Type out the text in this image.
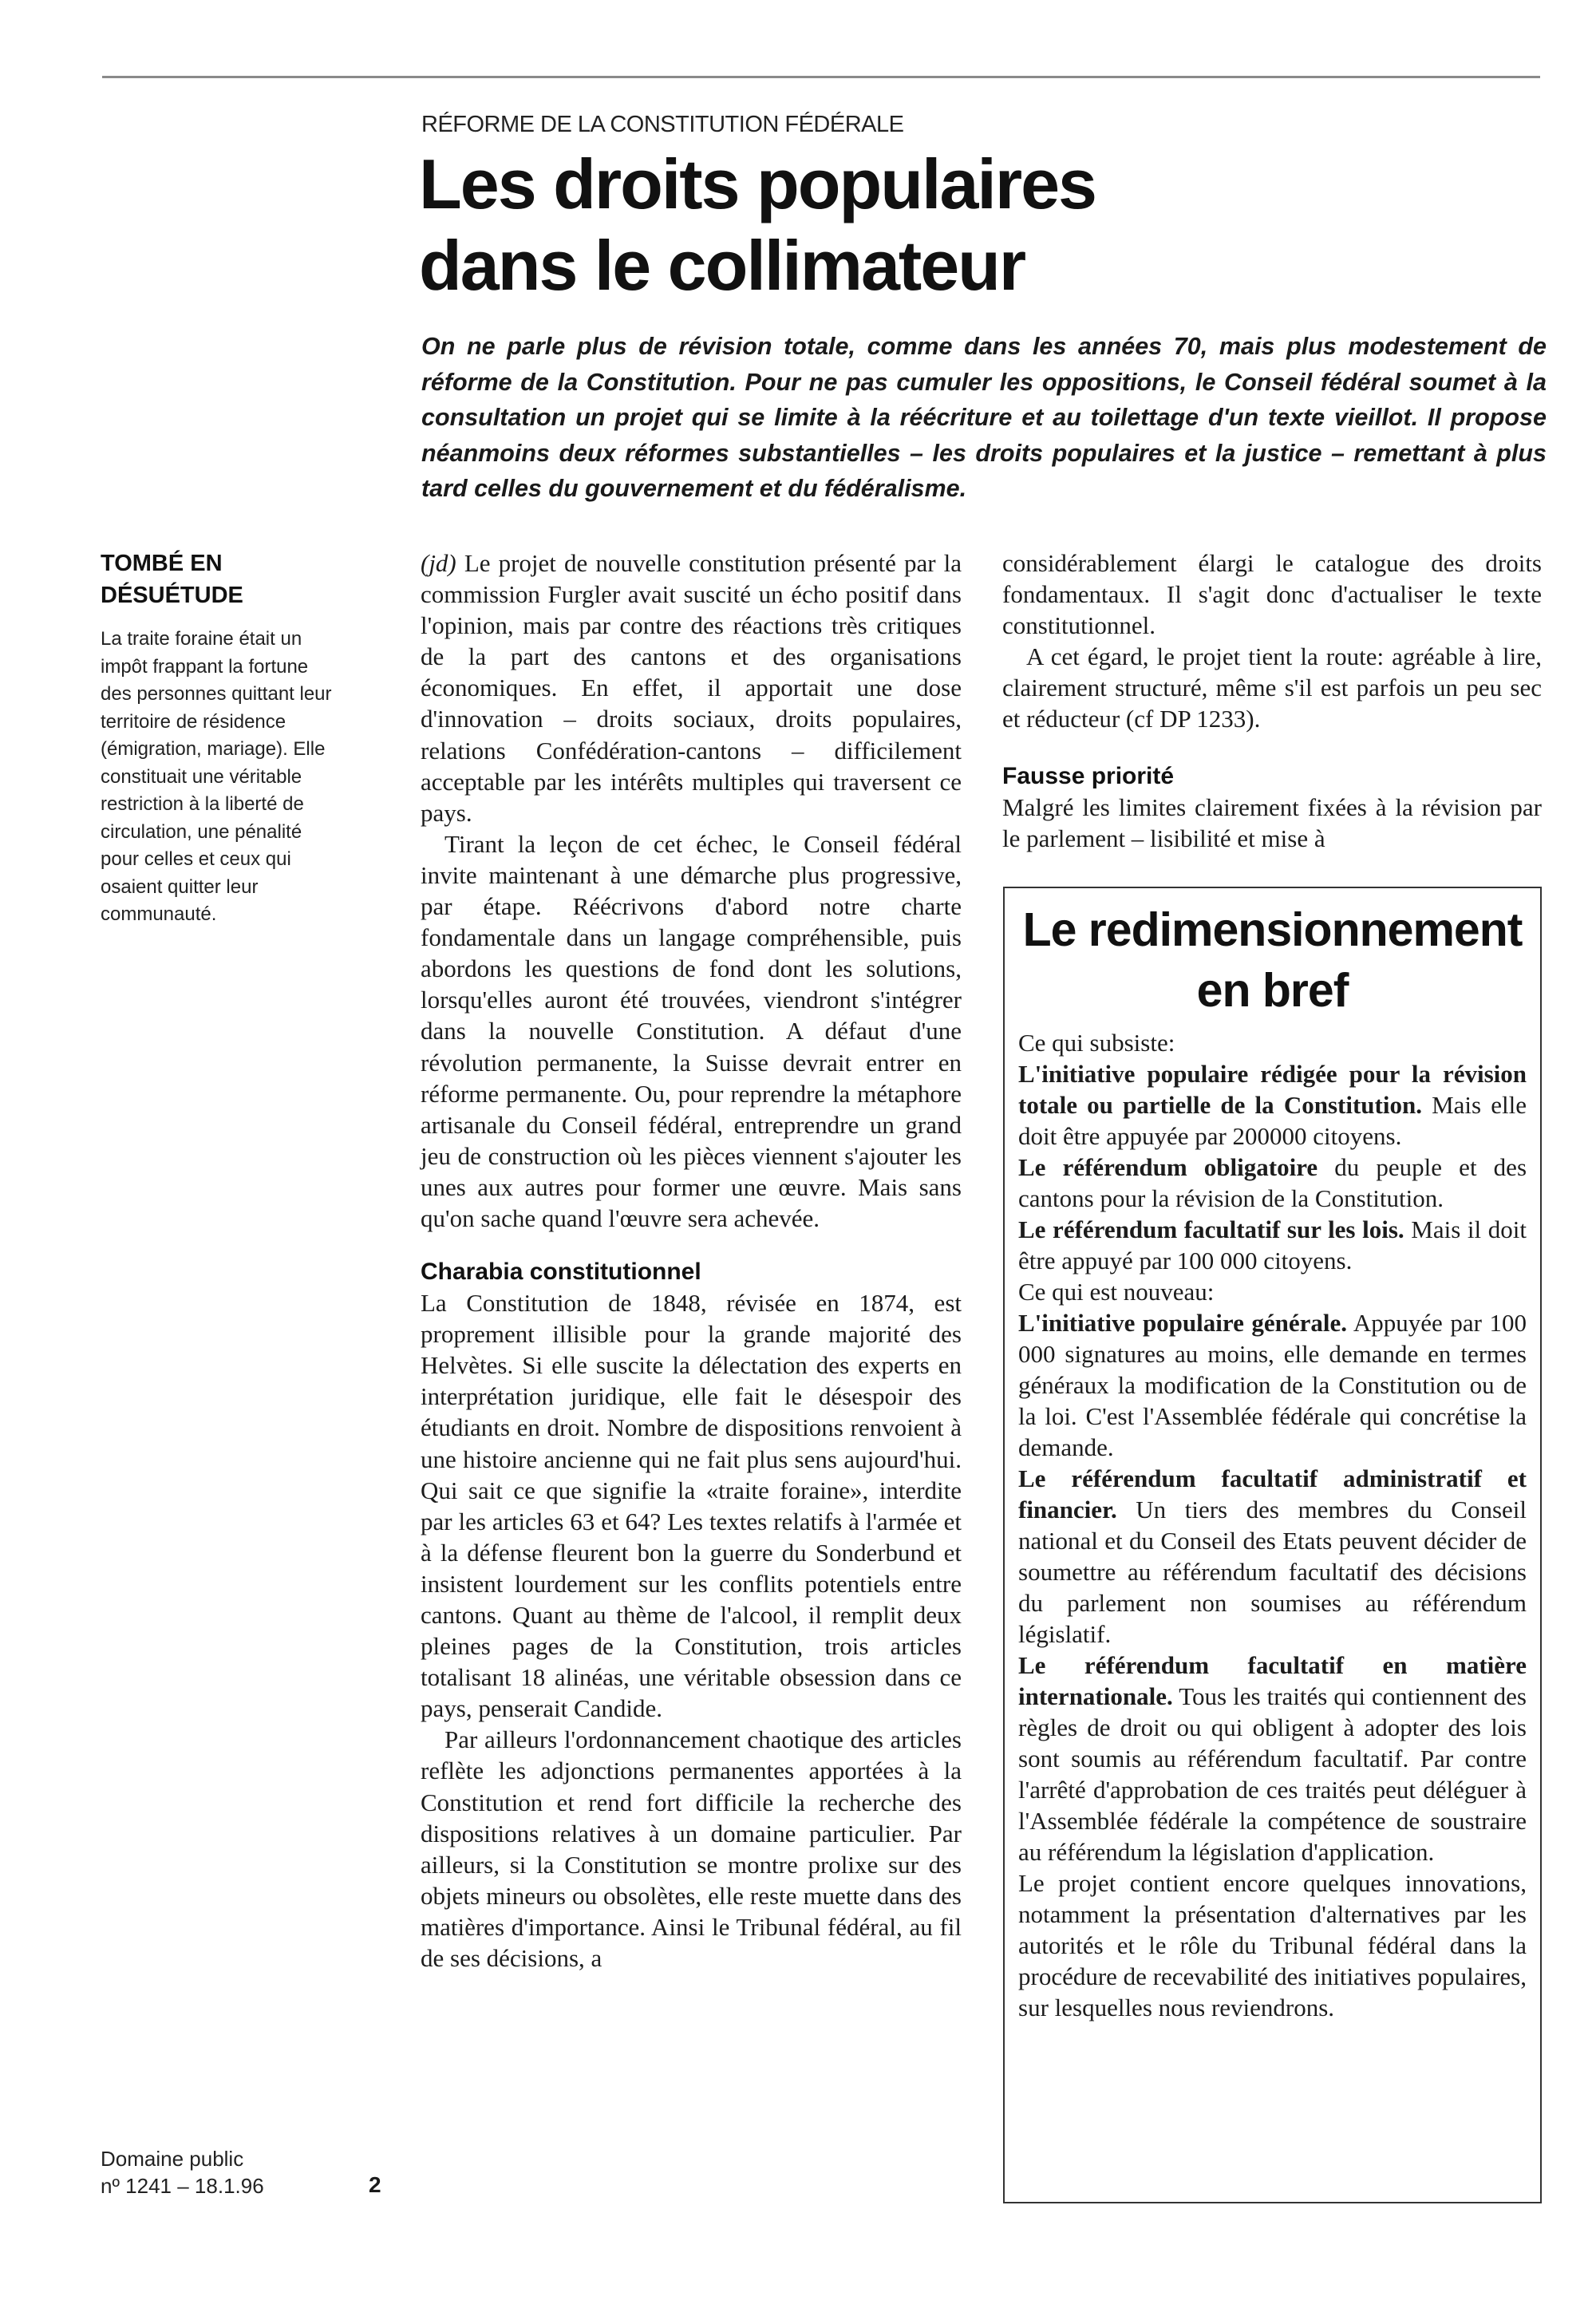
RÉFORME DE LA CONSTITUTION FÉDÉRALE
Les droits populaires
dans le collimateur

On ne parle plus de révision totale, comme dans les années 70, mais plus modestement de réforme de la Constitution. Pour ne pas cumuler les oppositions, le Conseil fédéral soumet à la consultation un projet qui se limite à la réécriture et au toilettage d'un texte vieillot. Il propose néanmoins deux réformes substantielles – les droits populaires et la justice – remettant à plus tard celles du gouvernement et du fédéralisme.

TOMBÉ EN
DÉSUÉTUDE
La traite foraine était un
impôt frappant la fortune
des personnes quittant leur
territoire de résidence
(émigration, mariage). Elle
constituait une véritable
restriction à la liberté de
circulation, une pénalité
pour celles et ceux qui
osaient quitter leur
communauté.
Domaine public
nº 1241 – 18.1.96	2

(jd) Le projet de nouvelle constitution présenté par la commission Furgler avait suscité un écho positif dans l'opinion, mais par contre des réactions très critiques de la part des cantons et des organisations économiques. En effet, il apportait une dose d'innovation – droits sociaux, droits populaires, relations Confédération-cantons – difficilement acceptable par les intérêts multiples qui traversent ce pays.

Tirant la leçon de cet échec, le Conseil fédéral invite maintenant à une démarche plus progressive, par étape. Réécrivons d'abord notre charte fondamentale dans un langage compréhensible, puis abordons les questions de fond dont les solutions, lorsqu'elles auront été trouvées, viendront s'intégrer dans la nouvelle Constitution. A défaut d'une révolution permanente, la Suisse devrait entrer en réforme permanente. Ou, pour reprendre la métaphore artisanale du Conseil fédéral, entreprendre un grand jeu de construction où les pièces viennent s'ajouter les unes aux autres pour former une œuvre. Mais sans qu'on sache quand l'œuvre sera achevée.

Charabia constitutionnel

La Constitution de 1848, révisée en 1874, est proprement illisible pour la grande majorité des Helvètes. Si elle suscite la délectation des experts en interprétation juridique, elle fait le désespoir des étudiants en droit. Nombre de dispositions renvoient à une histoire ancienne qui ne fait plus sens aujourd'hui. Qui sait ce que signifie la «traite foraine», interdite par les articles 63 et 64? Les textes relatifs à l'armée et à la défense fleurent bon la guerre du Sonderbund et insistent lourdement sur les conflits potentiels entre cantons. Quant au thème de l'alcool, il remplit deux pleines pages de la Constitution, trois articles totalisant 18 alinéas, une véritable obsession dans ce pays, penserait Candide.

Par ailleurs l'ordonnancement chaotique des articles reflète les adjonctions permanentes apportées à la Constitution et rend fort difficile la recherche des dispositions relatives à un domaine particulier. Par ailleurs, si la Constitution se montre prolixe sur des objets mineurs ou obsolètes, elle reste muette dans des matières d'importance. Ainsi le Tribunal fédéral, au fil de ses décisions, a

considérablement élargi le catalogue des droits fondamentaux. Il s'agit donc d'actualiser le texte constitutionnel.

A cet égard, le projet tient la route: agréable à lire, clairement structuré, même s'il est parfois un peu sec et réducteur (cf DP 1233).

Fausse priorité

Malgré les limites clairement fixées à la révision par le parlement – lisibilité et mise à

Le redimensionnement
en bref

Ce qui subsiste:

L'initiative populaire rédigée pour la révision totale ou partielle de la Constitution. Mais elle doit être appuyée par 200000 citoyens.

Le référendum obligatoire du peuple et des cantons pour la révision de la Constitution.

Le référendum facultatif sur les lois. Mais il doit être appuyé par 100 000 citoyens.

Ce qui est nouveau:

L'initiative populaire générale. Appuyée par 100 000 signatures au moins, elle demande en termes généraux la modification de la Constitution ou de la loi. C'est l'Assemblée fédérale qui concrétise la demande.

Le référendum facultatif administratif et financier. Un tiers des membres du Conseil national et du Conseil des Etats peuvent décider de soumettre au référendum facultatif des décisions du parlement non soumises au référendum législatif.

Le référendum facultatif en matière internationale. Tous les traités qui contiennent des règles de droit ou qui obligent à adopter des lois sont soumis au référendum facultatif. Par contre l'arrêté d'approbation de ces traités peut déléguer à l'Assemblée fédérale la compétence de soustraire au référendum la législation d'application.

Le projet contient encore quelques innovations, notamment la présentation d'alternatives par les autorités et le rôle du Tribunal fédéral dans la procédure de recevabilité des initiatives populaires, sur lesquelles nous reviendrons.
